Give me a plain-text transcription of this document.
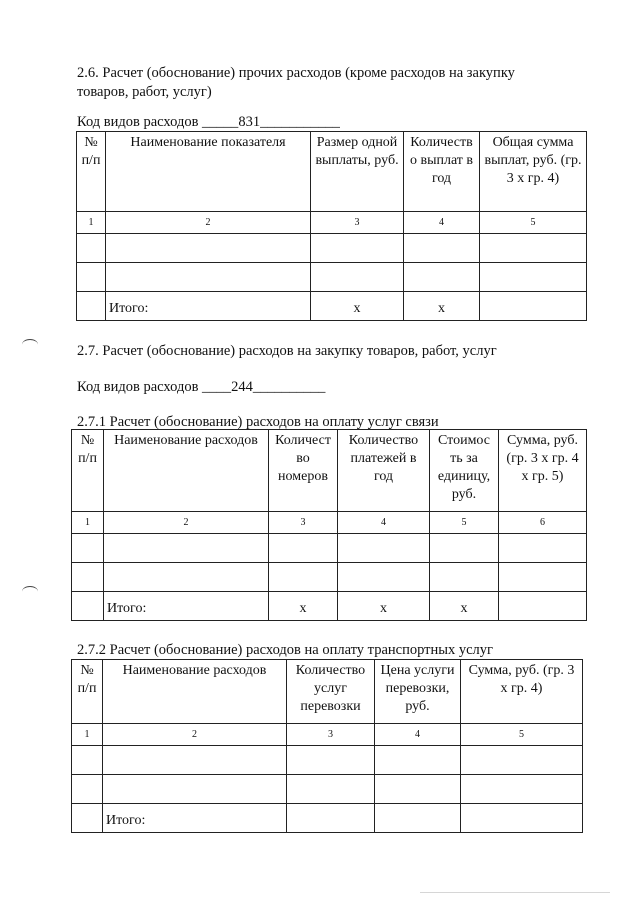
2.6. Расчет (обоснование) прочих расходов (кроме расходов на закупку
товаров, работ, услуг)
Код видов расходов _____831___________
№ п/п	Наименование показателя	Размер одной выплаты, руб.	Количеств о выплат в год	Общая сумма выплат, руб. (гр. 3 х гр. 4)
1	2	3	4	5

	Итого:	х	х	
2.7. Расчет (обоснование) расходов на закупку товаров, работ, услуг
Код видов расходов ____244__________
2.7.1 Расчет (обоснование) расходов на оплату услуг связи
№ п/п	Наименование расходов	Количест во номеров	Количество платежей в год	Стоимос ть за единицу, руб.	Сумма, руб. (гр. 3 х гр. 4 х гр. 5)
1	2	3	4	5	6

	Итого:	х	х	х	
2.7.2 Расчет (обоснование) расходов на оплату транспортных услуг
№ п/п	Наименование расходов	Количество услуг перевозки	Цена услуги перевозки, руб.	Сумма, руб. (гр. 3 х гр. 4)
1	2	3	4	5

	Итого:			
